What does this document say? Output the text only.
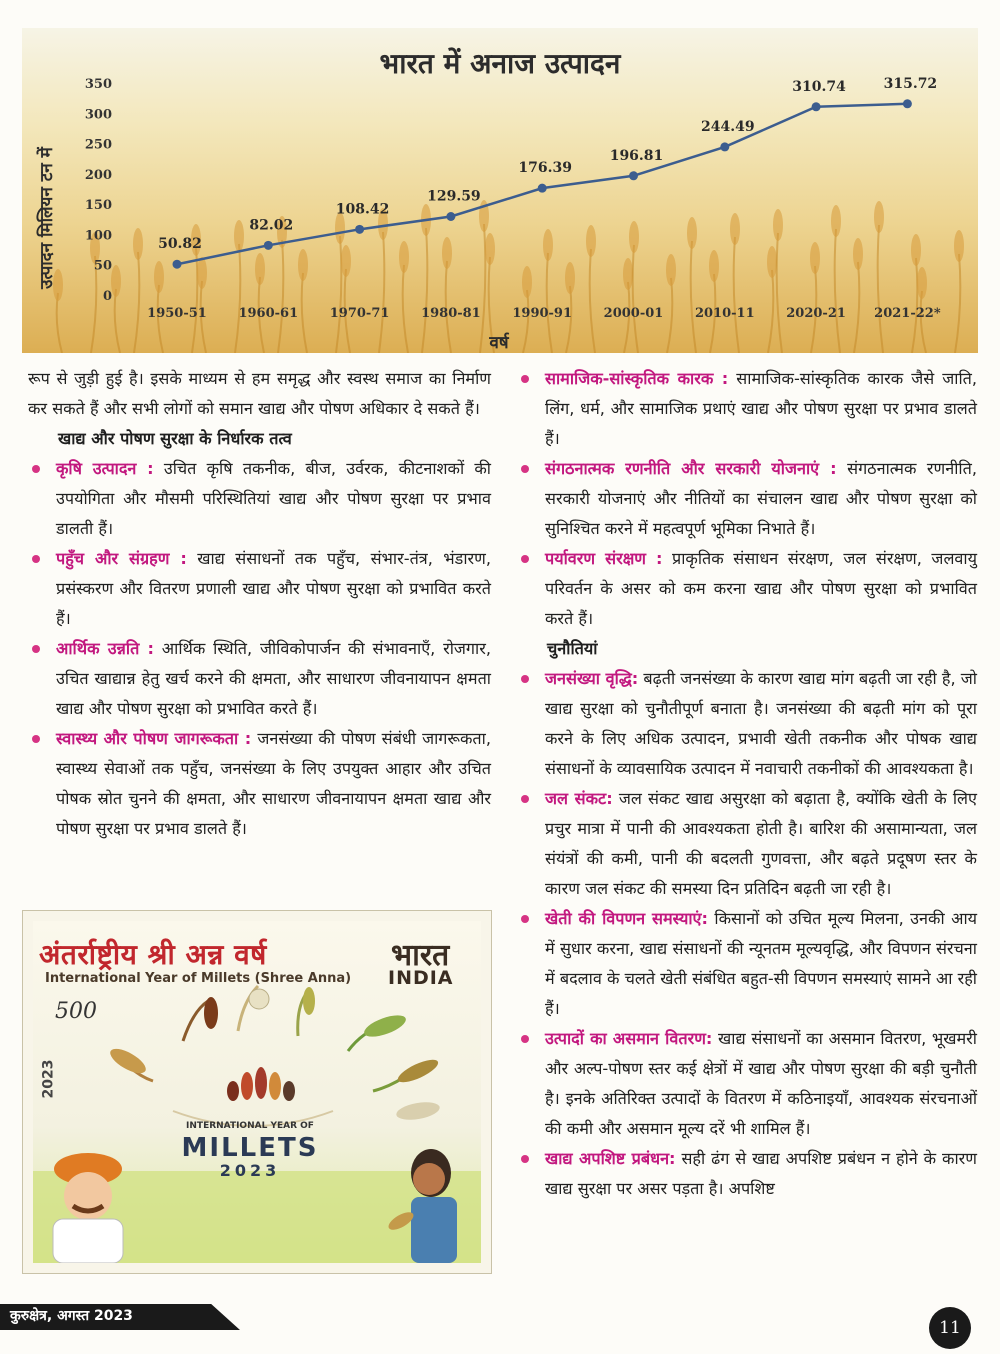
भारत में अनाज उत्पादन
उत्पादन मिलियन टन में
वर्ष
0
50
100
150
200
250
300
350
1950-51 1960-61 1970-71 1980-81 1990-91 2000-01 2010-11 2020-21 2021-22*
50.82
82.02
108.42
129.59
176.39
196.81
244.49
310.74	315.72

रूप से जुड़ी हुई है। इसके माध्यम से हम समृद्ध और स्वस्थ समाज का निर्माण कर सकते हैं और सभी लोगों को समान खाद्य और पोषण अधिकार दे सकते हैं।

खाद्य और पोषण सुरक्षा के निर्धारक तत्व

कृषि उत्पादन : उचित कृषि तकनीक, बीज, उर्वरक, कीटनाशकों की उपयोगिता और मौसमी परिस्थितियां खाद्य और पोषण सुरक्षा पर प्रभाव डालती हैं।
पहुँच और संग्रहण : खाद्य संसाधनों तक पहुँच, संभार-तंत्र, भंडारण, प्रसंस्करण और वितरण प्रणाली खाद्य और पोषण सुरक्षा को प्रभावित करते हैं।
आर्थिक उन्नति : आर्थिक स्थिति, जीविकोपार्जन की संभावनाएँ, रोजगार, उचित खाद्यान्न हेतु खर्च करने की क्षमता, और साधारण जीवनायापन क्षमता खाद्य और पोषण सुरक्षा को प्रभावित करते हैं।
स्वास्थ्य और पोषण जागरूकता : जनसंख्या की पोषण संबंधी जागरूकता, स्वास्थ्य सेवाओं तक पहुँच, जनसंख्या के लिए उपयुक्त आहार और उचित पोषक स्रोत चुनने की क्षमता, और साधारण जीवनायापन क्षमता खाद्य और पोषण सुरक्षा पर प्रभाव डालते हैं।
सामाजिक-सांस्कृतिक कारक : सामाजिक-सांस्कृतिक कारक जैसे जाति, लिंग, धर्म, और सामाजिक प्रथाएं खाद्य और पोषण सुरक्षा पर प्रभाव डालते हैं।
संगठनात्मक रणनीति और सरकारी योजनाएं : संगठनात्मक रणनीति, सरकारी योजनाएं और नीतियों का संचालन खाद्य और पोषण सुरक्षा को सुनिश्चित करने में महत्वपूर्ण भूमिका निभाते हैं।
पर्यावरण संरक्षण : प्राकृतिक संसाधन संरक्षण, जल संरक्षण, जलवायु परिवर्तन के असर को कम करना खाद्य और पोषण सुरक्षा को प्रभावित करते हैं।

चुनौतियां

जनसंख्या वृद्धि: बढ़ती जनसंख्या के कारण खाद्य मांग बढ़ती जा रही है, जो खाद्य सुरक्षा को चुनौतीपूर्ण बनाता है। जनसंख्या की बढ़ती मांग को पूरा करने के लिए अधिक उत्पादन, प्रभावी खेती तकनीक और पोषक खाद्य संसाधनों के व्यावसायिक उत्पादन में नवाचारी तकनीकों की आवश्यकता है।
जल संकट: जल संकट खाद्य असुरक्षा को बढ़ाता है, क्योंकि खेती के लिए प्रचुर मात्रा में पानी की आवश्यकता होती है। बारिश की असामान्यता, जल संयंत्रों की कमी, पानी की बदलती गुणवत्ता, और बढ़ते प्रदूषण स्तर के कारण जल संकट की समस्या दिन प्रतिदिन बढ़ती जा रही है।
खेती की विपणन समस्याएं: किसानों को उचित मूल्य मिलना, उनकी आय में सुधार करना, खाद्य संसाधनों की न्यूनतम मूल्यवृद्धि, और विपणन संरचना में बदलाव के चलते खेती संबंधित बहुत-सी विपणन समस्याएं सामने आ रही हैं।
उत्पादों का असमान वितरण: खाद्य संसाधनों का असमान वितरण, भूखमरी और अल्प-पोषण स्तर कई क्षेत्रों में खाद्य और पोषण सुरक्षा की बड़ी चुनौती है। इनके अतिरिक्त उत्पादों के वितरण में कठिनाइयाँ, आवश्यक संरचनाओं की कमी और असमान मूल्य दरें भी शामिल हैं।
खाद्य अपशिष्ट प्रबंधन: सही ढंग से खाद्य अपशिष्ट प्रबंधन न होने के कारण खाद्य सुरक्षा पर असर पड़ता है। अपशिष्ट
अंतर्राष्ट्रीय श्री अन्न वर्ष
International Year of Millets (Shree Anna)
भारत
INDIA
500
2023
INTERNATIONAL YEAR OF
MILLETS
2023
कुरुक्षेत्र, अगस्त 2023
11
